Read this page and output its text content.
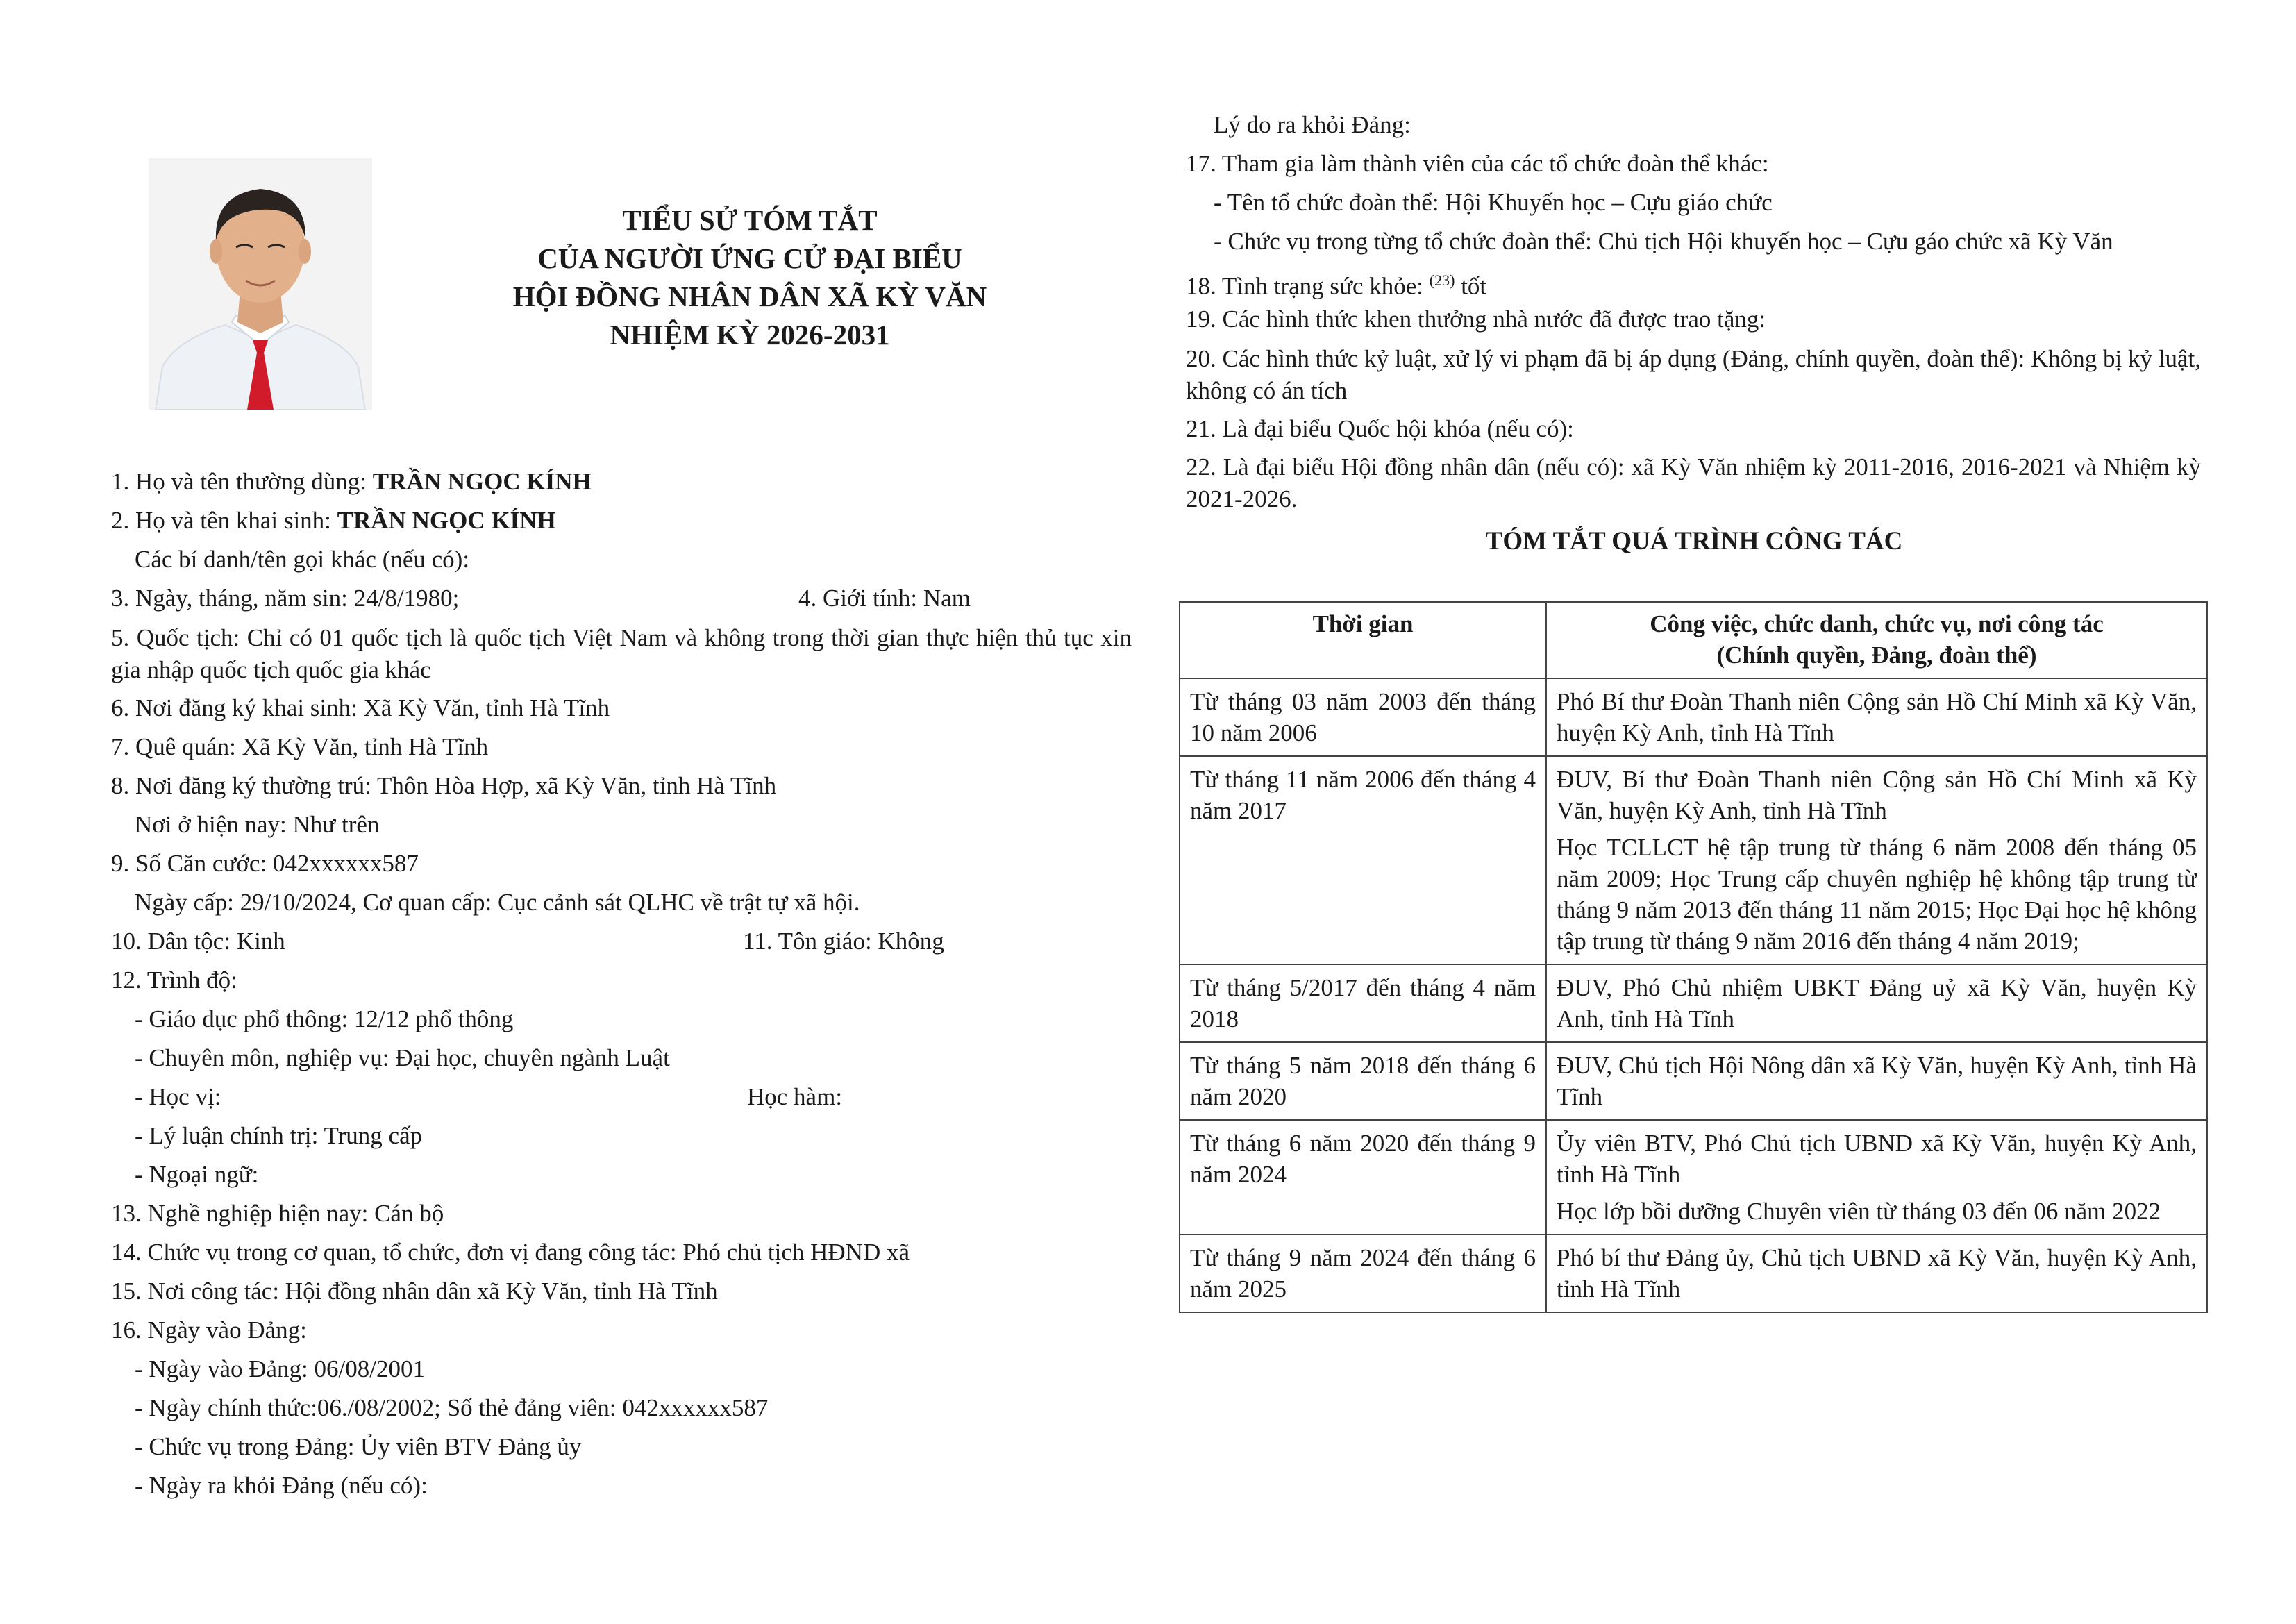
TIỂU SỬ TÓM TẮT
CỦA NGƯỜI ỨNG CỬ ĐẠI BIỂU
HỘI ĐỒNG NHÂN DÂN XÃ KỲ VĂN
NHIỆM KỲ 2026-2031
1. Họ và tên thường dùng: TRẦN NGỌC KÍNH
2. Họ và tên khai sinh: TRẦN NGỌC KÍNH
Các bí danh/tên gọi khác (nếu có):
3. Ngày, tháng, năm sin: 24/8/1980;	4. Giới tính: Nam
5. Quốc tịch: Chỉ có 01 quốc tịch là quốc tịch Việt Nam và không trong thời gian thực hiện thủ tục xin gia nhập quốc tịch quốc gia khác
6. Nơi đăng ký khai sinh: Xã Kỳ Văn, tỉnh Hà Tĩnh
7. Quê quán: Xã Kỳ Văn, tỉnh Hà Tĩnh
8. Nơi đăng ký thường trú: Thôn Hòa Hợp, xã Kỳ Văn, tỉnh Hà Tĩnh
Nơi ở hiện nay: Như trên
9. Số Căn cước: 042xxxxxx587
Ngày cấp: 29/10/2024, Cơ quan cấp: Cục cảnh sát QLHC về trật tự xã hội.
10. Dân tộc: Kinh	11. Tôn giáo: Không
12. Trình độ:
- Giáo dục phổ thông: 12/12 phổ thông
- Chuyên môn, nghiệp vụ: Đại học, chuyên ngành Luật
- Học vị:	Học hàm:
- Lý luận chính trị: Trung cấp
- Ngoại ngữ:
13. Nghề nghiệp hiện nay: Cán bộ
14. Chức vụ trong cơ quan, tổ chức, đơn vị đang công tác: Phó chủ tịch HĐND xã
15. Nơi công tác: Hội đồng nhân dân xã Kỳ Văn, tỉnh Hà Tĩnh
16. Ngày vào Đảng:
- Ngày vào Đảng: 06/08/2001
- Ngày chính thức:06./08/2002; Số thẻ đảng viên: 042xxxxxx587
- Chức vụ trong Đảng: Ủy viên BTV Đảng ủy
- Ngày ra khỏi Đảng (nếu có):
Lý do ra khỏi Đảng:
17. Tham gia làm thành viên của các tổ chức đoàn thể khác:
- Tên tổ chức đoàn thể: Hội Khuyến học – Cựu giáo chức
- Chức vụ trong từng tổ chức đoàn thể: Chủ tịch Hội khuyến học – Cựu gáo chức xã Kỳ Văn
18. Tình trạng sức khỏe: $^{(23)}$ tốt
19. Các hình thức khen thưởng nhà nước đã được trao tặng:
20. Các hình thức kỷ luật, xử lý vi phạm đã bị áp dụng (Đảng, chính quyền, đoàn thể): Không bị kỷ luật, không có án tích
21. Là đại biểu Quốc hội khóa (nếu có):
22. Là đại biểu Hội đồng nhân dân (nếu có): xã Kỳ Văn nhiệm kỳ 2011-2016, 2016-2021 và Nhiệm kỳ 2021-2026.
TÓM TẮT QUÁ TRÌNH CÔNG TÁC
Thời gian	Công việc, chức danh, chức vụ, nơi công tác
(Chính quyền, Đảng, đoàn thể)

Từ tháng 03 năm 2003 đến tháng 10 năm 2006	Phó Bí thư Đoàn Thanh niên Cộng sản Hồ Chí Minh xã Kỳ Văn, huyện Kỳ Anh, tỉnh Hà Tĩnh

Từ tháng 11 năm 2006 đến tháng 4 năm 2017	ĐUV, Bí thư Đoàn Thanh niên Cộng sản Hồ Chí Minh xã Kỳ Văn, huyện Kỳ Anh, tỉnh Hà Tĩnh

Học TCLLCT hệ tập trung từ tháng 6 năm 2008 đến tháng 05 năm 2009; Học Trung cấp chuyên nghiệp hệ không tập trung từ tháng 9 năm 2013 đến tháng 11 năm 2015; Học Đại học hệ không tập trung từ tháng 9 năm 2016 đến tháng 4 năm 2019;

Từ tháng 5/2017 đến tháng 4 năm 2018	ĐUV, Phó Chủ nhiệm UBKT Đảng uỷ xã Kỳ Văn, huyện Kỳ Anh, tỉnh Hà Tĩnh

Từ tháng 5 năm 2018 đến tháng 6 năm 2020	ĐUV, Chủ tịch Hội Nông dân xã Kỳ Văn, huyện Kỳ Anh, tỉnh Hà Tĩnh

Từ tháng 6 năm 2020 đến tháng 9 năm 2024	Ủy viên BTV, Phó Chủ tịch UBND xã Kỳ Văn, huyện Kỳ Anh, tỉnh Hà Tĩnh

Học lớp bồi dưỡng Chuyên viên từ tháng 03 đến 06 năm 2022

Từ tháng 9 năm 2024 đến tháng 6 năm 2025	Phó bí thư Đảng ủy, Chủ tịch UBND xã Kỳ Văn, huyện Kỳ Anh, tỉnh Hà Tĩnh
